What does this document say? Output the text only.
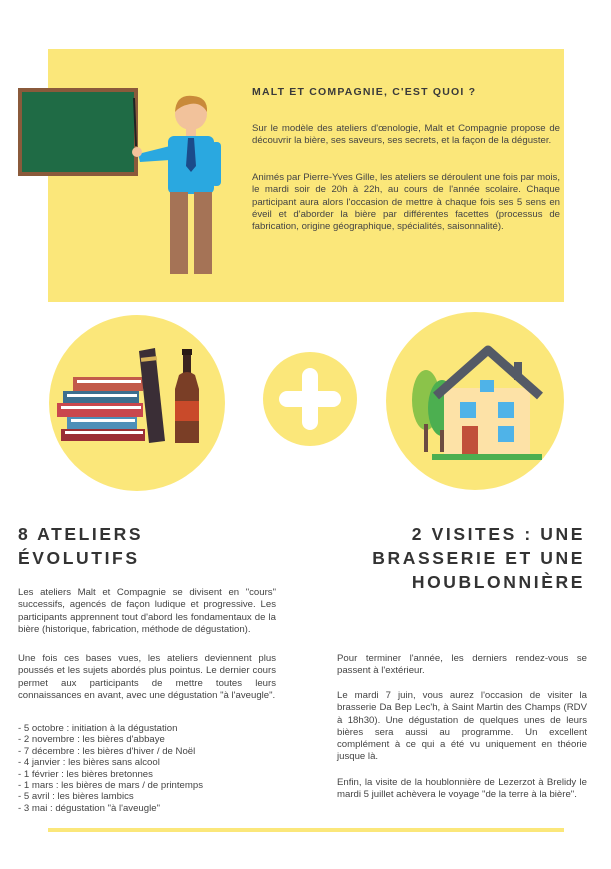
MALT ET COMPAGNIE, C'EST QUOI ?

Sur le modèle des ateliers d'œnologie, Malt et Compagnie propose de découvrir la bière, ses saveurs, ses secrets, et la façon de la déguster.

Animés par Pierre-Yves Gille, les ateliers se déroulent une fois par mois, le mardi soir de 20h à 22h, au cours de l'année scolaire. Chaque participant aura alors l'occasion de mettre à chaque fois ses 5 sens en éveil et d'aborder la bière par différentes facettes (processus de fabrication, origine géographique, spécialités, saisonnalité).

8 ATELIERS ÉVOLUTIFS
2 VISITES : UNE BRASSERIE ET UNE HOUBLONNIÈRE

Les ateliers Malt et Compagnie se divisent en "cours" successifs, agencés de façon ludique et progressive. Les participants apprennent tout d'abord les fondamentaux de la bière (historique, fabrication, méthode de dégustation).

Une fois ces bases vues, les ateliers deviennent plus poussés et les sujets abordés plus pointus. Le dernier cours permet aux participants de mettre toutes leurs connaissances en avant, avec une dégustation "à l'aveugle".

- 5 octobre : initiation à la dégustation
- 2 novembre : les bières d'abbaye
- 7 décembre : les bières d'hiver / de Noël
- 4 janvier : les bières sans alcool
- 1 février : les bières bretonnes
- 1 mars : les bières de mars / de printemps
- 5 avril : les bières lambics
- 3 mai : dégustation "à l'aveugle"

Pour terminer l'année, les derniers rendez-vous se passent à l'extérieur.

Le mardi 7 juin, vous aurez l'occasion de visiter la brasserie Da Bep Lec'h, à Saint Martin des Champs (RDV à 18h30). Une dégustation de quelques unes de leurs bières sera aussi au programme. Un excellent complément à ce qui a été vu uniquement en théorie jusque là.

Enfin, la visite de la houblonnière de Lezerzot à Brelidy le mardi 5 juillet achèvera le voyage "de la terre à la bière".
